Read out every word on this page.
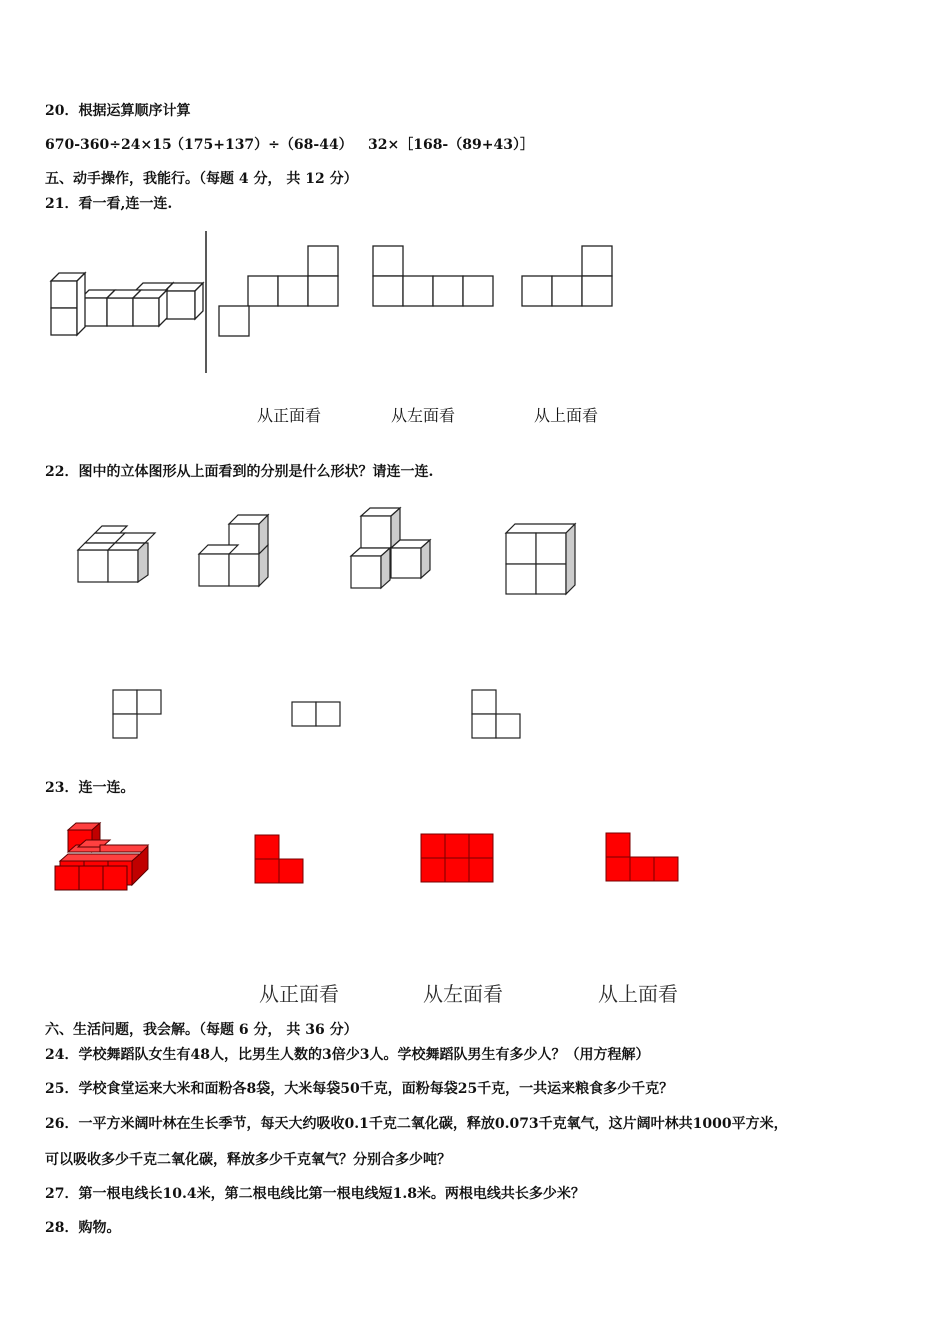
20．根据运算顺序计算
670-360÷24×15
（175+137）÷（68-44） 32×［168-（89+43）］
五、动手操作，我能行。（每题 4 分， 共 12 分）
21．看一看,连一连.
从正面看	从左面看	从上面看
22．图中的立体图形从上面看到的分别是什么形状？请连一连.
23．连一连。
从正面看	从左面看	从上面看
六、生活问题，我会解。（每题 6 分， 共 36 分）
24．学校舞蹈队女生有48人，比男生人数的3倍少3人。学校舞蹈队男生有多少人？（用方程解）
25．学校食堂运来大米和面粉各8袋，大米每袋50千克，面粉每袋25千克，一共运来粮食多少千克？
26．一平方米阔叶林在生长季节，每天大约吸收0.1千克二氧化碳，释放0.073千克氧气，这片阔叶林共1000平方米，
可以吸收多少千克二氧化碳，释放多少千克氧气？分别合多少吨？
27．第一根电线长10.4米，第二根电线比第一根电线短1.8米。两根电线共长多少米？
28．购物。
